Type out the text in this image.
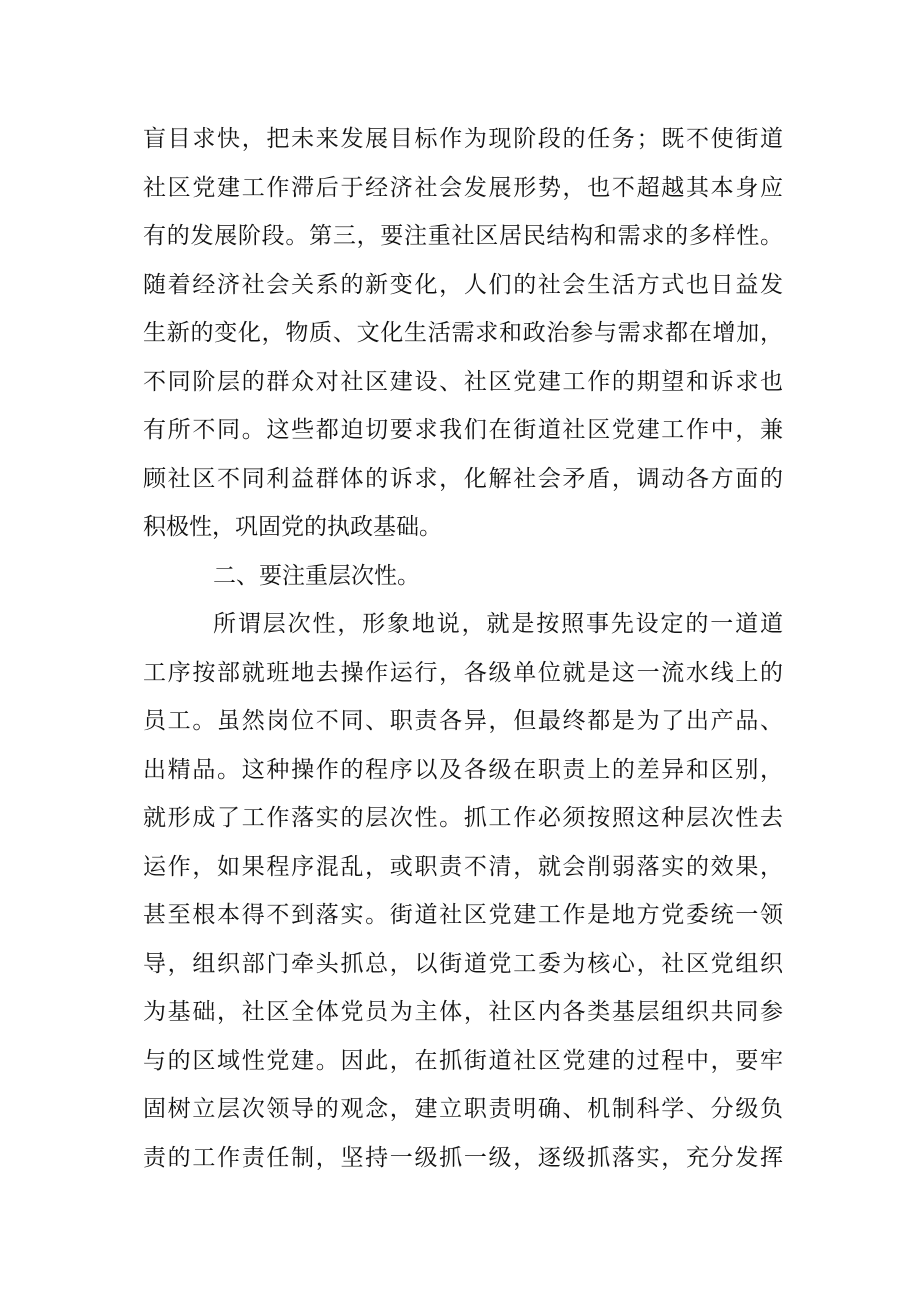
盲目求快，把未来发展目标作为现阶段的任务；既不使街道
社区党建工作滞后于经济社会发展形势，也不超越其本身应
有的发展阶段。第三，要注重社区居民结构和需求的多样性。
随着经济社会关系的新变化，人们的社会生活方式也日益发
生新的变化，物质、文化生活需求和政治参与需求都在增加，
不同阶层的群众对社区建设、社区党建工作的期望和诉求也
有所不同。这些都迫切要求我们在街道社区党建工作中，兼
顾社区不同利益群体的诉求，化解社会矛盾，调动各方面的
积极性，巩固党的执政基础。
二、要注重层次性。
所谓层次性，形象地说，就是按照事先设定的一道道
工序按部就班地去操作运行，各级单位就是这一流水线上的
员工。虽然岗位不同、职责各异，但最终都是为了出产品、
出精品。这种操作的程序以及各级在职责上的差异和区别，
就形成了工作落实的层次性。抓工作必须按照这种层次性去
运作，如果程序混乱，或职责不清，就会削弱落实的效果，
甚至根本得不到落实。街道社区党建工作是地方党委统一领
导，组织部门牵头抓总，以街道党工委为核心，社区党组织
为基础，社区全体党员为主体，社区内各类基层组织共同参
与的区域性党建。因此，在抓街道社区党建的过程中，要牢
固树立层次领导的观念，建立职责明确、机制科学、分级负
责的工作责任制，坚持一级抓一级，逐级抓落实，充分发挥
